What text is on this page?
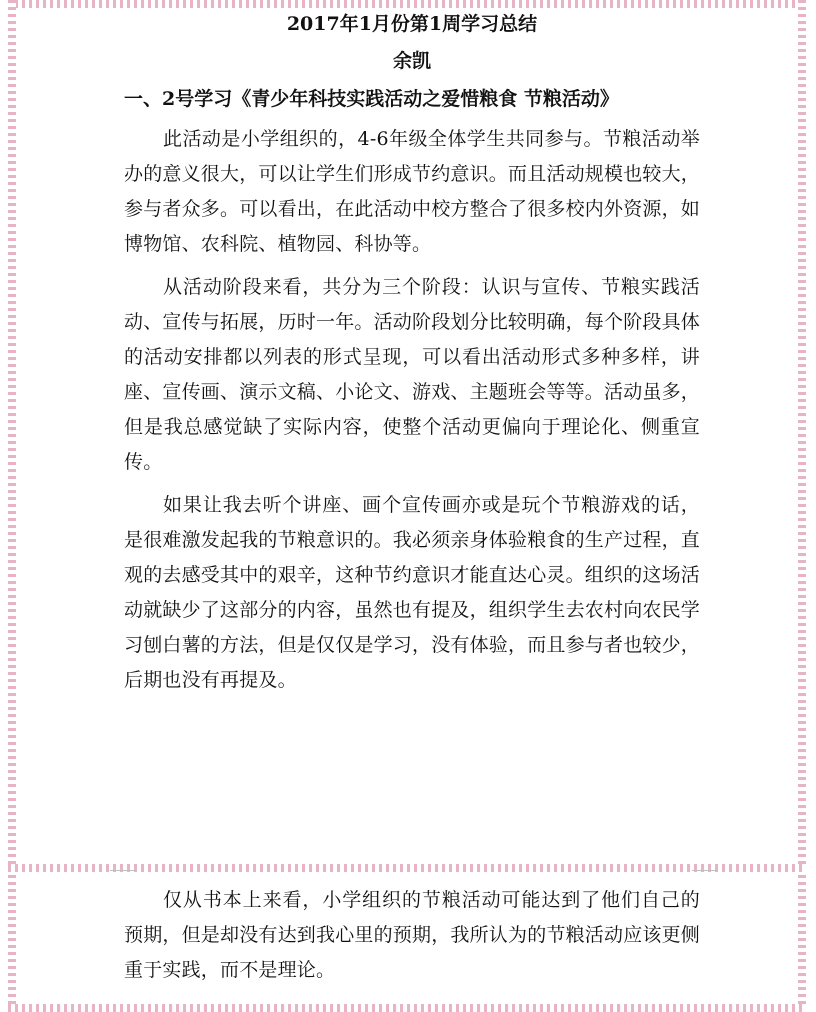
2017年1月份第1周学习总结
余凯
一、2号学习《青少年科技实践活动之爱惜粮食 节粮活动》

此活动是小学组织的，4-6年级全体学生共同参与。节粮活动举办的意义很大，可以让学生们形成节约意识。而且活动规模也较大，参与者众多。可以看出，在此活动中校方整合了很多校内外资源，如博物馆、农科院、植物园、科协等。

从活动阶段来看，共分为三个阶段：认识与宣传、节粮实践活动、宣传与拓展，历时一年。活动阶段划分比较明确，每个阶段具体的活动安排都以列表的形式呈现，可以看出活动形式多种多样，讲座、宣传画、演示文稿、小论文、游戏、主题班会等等。活动虽多，但是我总感觉缺了实际内容，使整个活动更偏向于理论化、侧重宣传。

如果让我去听个讲座、画个宣传画亦或是玩个节粮游戏的话，是很难激发起我的节粮意识的。我必须亲身体验粮食的生产过程，直观的去感受其中的艰辛，这种节约意识才能直达心灵。组织的这场活动就缺少了这部分的内容，虽然也有提及，组织学生去农村向农民学习刨白薯的方法，但是仅仅是学习，没有体验，而且参与者也较少，后期也没有再提及。

仅从书本上来看，小学组织的节粮活动可能达到了他们自己的预期，但是却没有达到我心里的预期，我所认为的节粮活动应该更侧重于实践，而不是理论。
